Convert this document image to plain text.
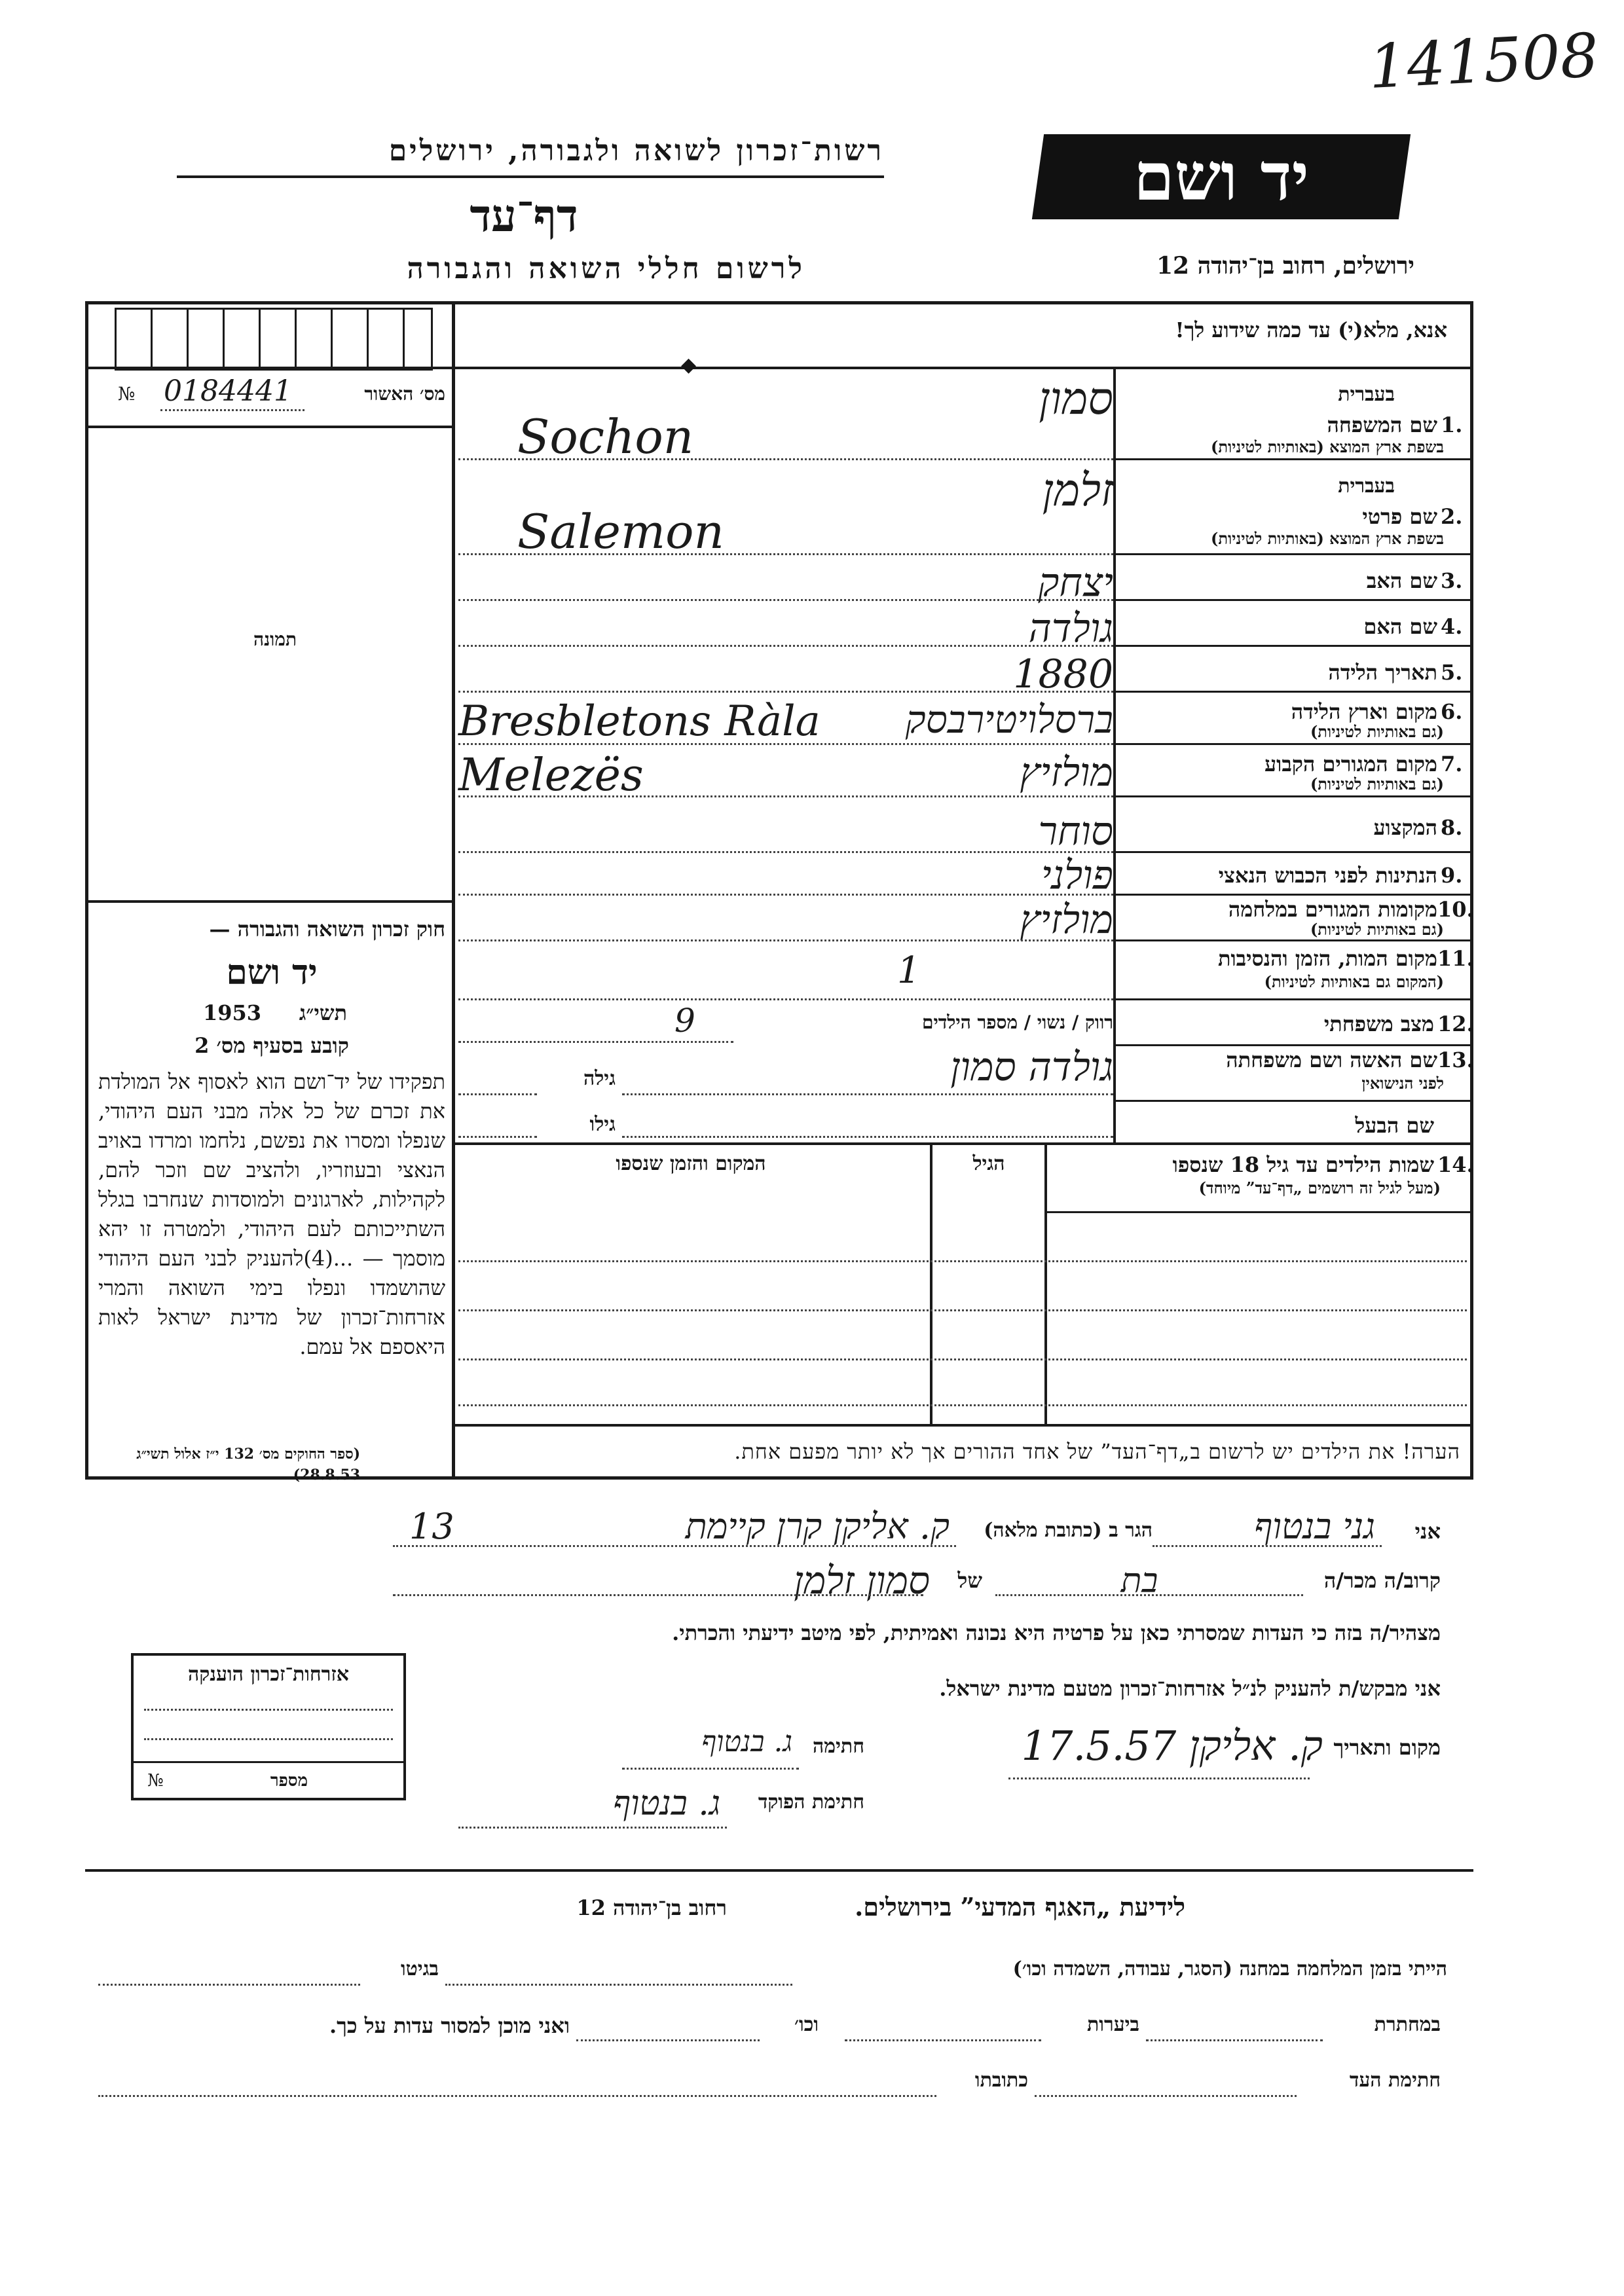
141508
רשות־זכרון לשואה ולגבורה, ירושלים
דף־עד
לרשום חללי השואה והגבורה
יד ושם
ירושלים, רחוב בן־יהודה 12
מס׳ האשור
№ 0184441
תמונה
חוק זכרון השואה והגבורה —
יד ושם
1953	תשי״ג
קובע בסעיף מס׳ 2
תפקידו של יד־ושם הוא לאסוף אל המולדת את זכרם של כל אלה מבני העם היהודי, שנפלו ומסרו את נפשם, נלחמו ומרדו באויב הנאצי ובעוזריו, ולהציב שם וזכר להם, לקהילות, לארגונים ולמוסדות שנחרבו בגלל השתייכותם לעם היהודי, ולמטרה זו יהא מוסמך — ...(4)להעניק לבני העם היהודי שהושמדו ונפלו בימי השואה והמרי אזרחות־זכרון של מדינת ישראל לאות היאספם אל עמם.
(ספר החוקים מס׳ 132 י״ז אלול תשי״ג 28.8.53)
אנא, מלא(י) עד כמה שידוע לך!
◆
בעברית
1.
שם המשפחה
בשפת ארץ המוצא (באותיות לטיניות)
סמון
Sochon
בעברית
2.
שם פרטי
בשפת ארץ המוצא (באותיות לטיניות)
זלמן
Salemon
3.
שם האב
יצחק
4.
שם האם
גולדה
5.
תאריך הלידה
1880
6.
מקום וארץ הלידה
(גם באותיות לטיניות)
ברסלויטירבסק
Bresbletons Ràla
7.
מקום המגורים הקבוע
(גם באותיות לטיניות)
מולזיץ
Melezës
8.
המקצוע
סוחר
9.
הנתינות לפני הכבוש הנאצי
פולני
10.
מקומות המגורים במלחמה
(גם באותיות לטיניות)
מולזיץ
11.
מקום המות, הזמן והנסיבות
(המקום גם באותיות לטיניות)
1
12.
מצב משפחתי
רווק / נשוי / מספר הילדים
9
13.
שם האשה ושם משפחתה
לפני הנישואין
גולדה סמון
גילה
שם הבעל
גילו
14.
שמות הילדים עד גיל 18 שנספו
(מעל לגיל זה רושמים „דף־עד” מיוחד)
הגיל
המקום והזמן שנספו
הערה! את הילדים יש לרשום ב„דף־העד” של אחד ההורים אך לא יותר מפעם אחת.
אני
גני בנטוף
הגר ב (כתובת מלאה)
ק. אליקן קרן קיימת
13
קרוב/ה מכר/ה
בת
של
סמון זלמן
מצהיר/ה בזה כי העדות שמסרתי כאן על פרטיה היא נכונה ואמיתית, לפי מיטב ידיעתי והכרתי.
אני מבקש/ת להעניק לנ״ל אזרחות־זכרון מטעם מדינת ישראל.
מקום ותאריך
ק. אליקן 17.5.57
חתימה
ג. בנטוף
חתימת הפוקד
ג. בנטוף
אזרחות־זכרון הוענקה
מספר
№
לידיעת „האגף המדעי” בירושלים.
רחוב בן־יהודה 12
הייתי בזמן המלחמה במחנה (הסגר, עבודה, השמדה וכו׳)
בגיטו
במחתרת
ביערות
וכו׳
ואני מוכן למסור עדות על כך.
חתימת העד
כתובתו
